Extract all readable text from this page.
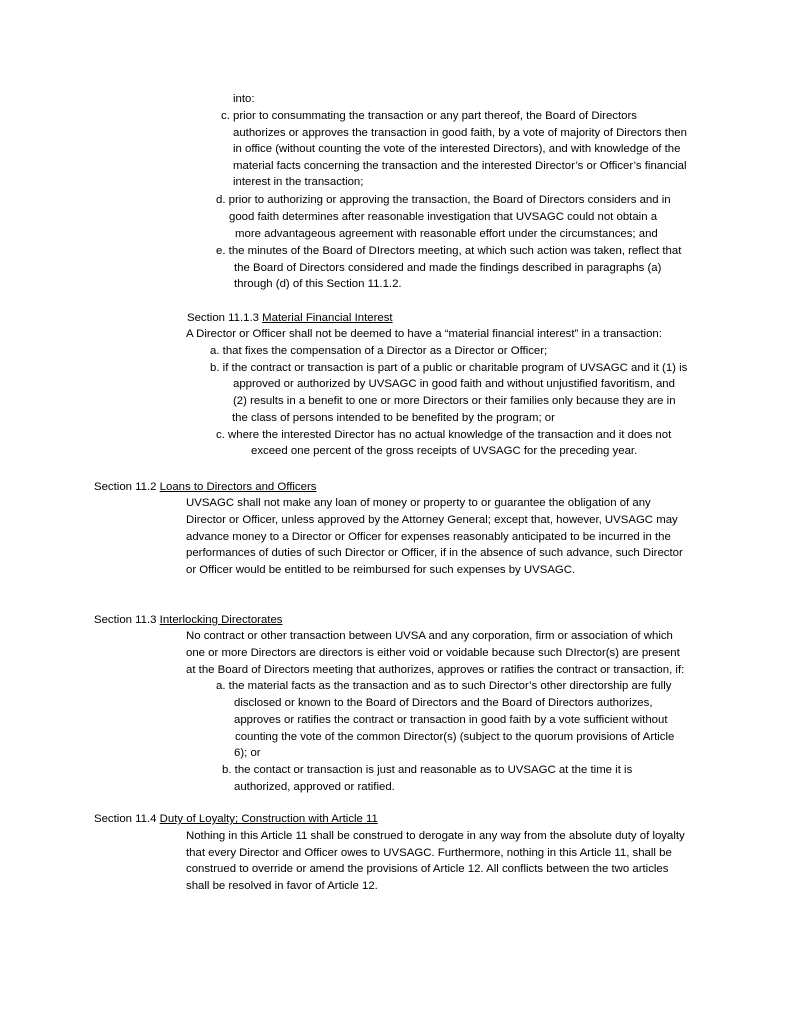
into:
c. prior to consummating the transaction or any part thereof, the Board of Directors
authorizes or approves the transaction in good faith, by a vote of majority of Directors then
in office (without counting the vote of the interested Directors), and with knowledge of the
material facts concerning the transaction and the interested Director’s or Officer’s financial
interest in the transaction;
d. prior to authorizing or approving the transaction, the Board of Directors considers and in
good faith determines after reasonable investigation that UVSAGC could not obtain a
more advantageous agreement with reasonable effort under the circumstances; and
e. the minutes of the Board of DIrectors meeting, at which such action was taken, reflect that
the Board of Directors considered and made the findings described in paragraphs (a)
through (d) of this Section 11.1.2.
Section 11.1.3 Material Financial Interest
A Director or Officer shall not be deemed to have a “material financial interest” in a transaction:
a. that fixes the compensation of a Director as a Director or Officer;
b. if the contract or transaction is part of a public or charitable program of UVSAGC and it (1) is
approved or authorized by UVSAGC in good faith and without unjustified favoritism, and
(2) results in a benefit to one or more Directors or their families only because they are in
the class of persons intended to be benefited by the program; or
c. where the interested Director has no actual knowledge of the transaction and it does not
exceed one percent of the gross receipts of UVSAGC for the preceding year.
Section 11.2 Loans to Directors and Officers
UVSAGC shall not make any loan of money or property to or guarantee the obligation of any
Director or Officer, unless approved by the Attorney General; except that, however, UVSAGC may
advance money to a Director or Officer for expenses reasonably anticipated to be incurred in the
performances of duties of such Director or Officer, if in the absence of such advance, such Director
or Officer would be entitled to be reimbursed for such expenses by UVSAGC.
Section 11.3 Interlocking Directorates
No contract or other transaction between UVSA and any corporation, firm or association of which
one or more Directors are directors is either void or voidable because such DIrector(s) are present
at the Board of Directors meeting that authorizes, approves or ratifies the contract or transaction, if:
a. the material facts as the transaction and as to such Director’s other directorship are fully
disclosed or known to the Board of Directors and the Board of Directors authorizes,
approves or ratifies the contract or transaction in good faith by a vote sufficient without
counting the vote of the common Director(s) (subject to the quorum provisions of Article
6); or
b. the contact or transaction is just and reasonable as to UVSAGC at the time it is
authorized, approved or ratified.
Section 11.4 Duty of Loyalty; Construction with Article 11
Nothing in this Article 11 shall be construed to derogate in any way from the absolute duty of loyalty
that every Director and Officer owes to UVSAGC. Furthermore, nothing in this Article 11, shall be
construed to override or amend the provisions of Article 12. All conflicts between the two articles
shall be resolved in favor of Article 12.
